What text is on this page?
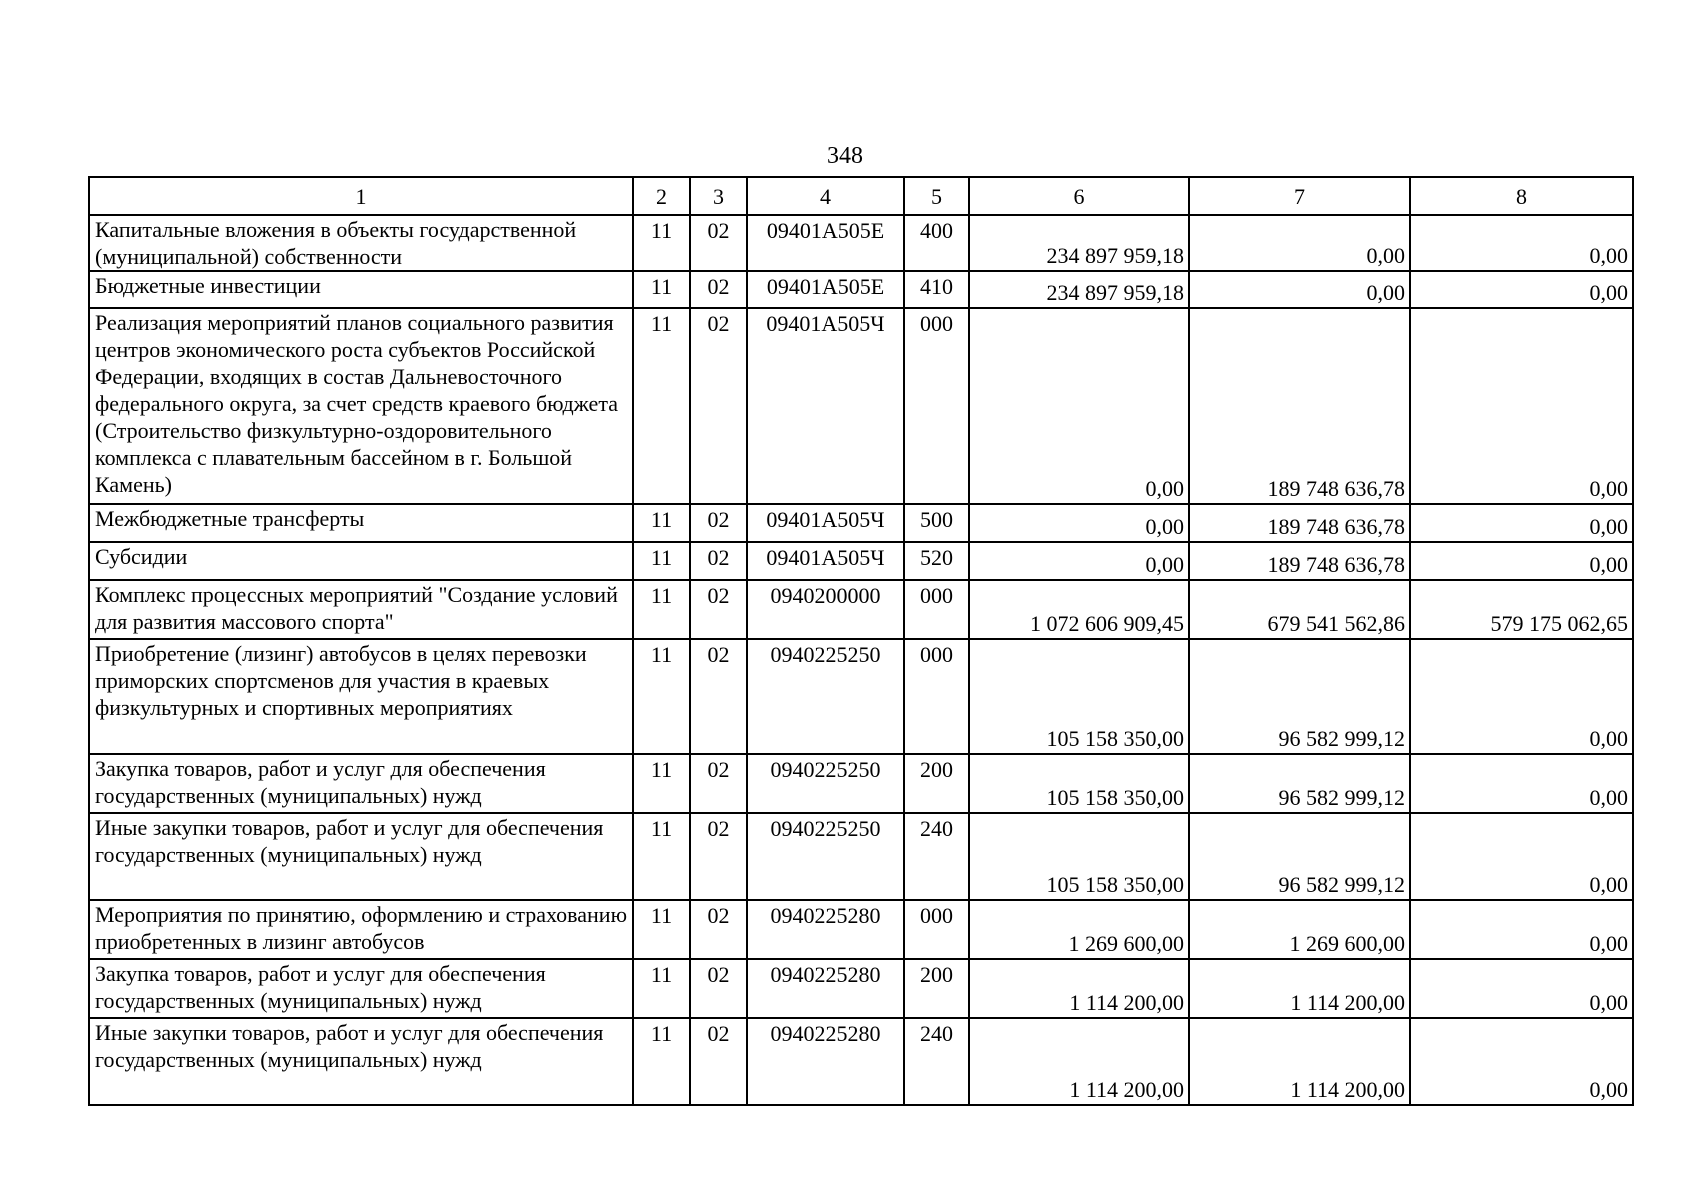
348
1	2	3	4	5	6	7	8
Капитальные вложения в объекты государственной (муниципальной) собственности	11	02	09401A505E	400	234 897 959,18	0,00	0,00
Бюджетные инвестиции	11	02	09401A505E	410	234 897 959,18	0,00	0,00
Реализация мероприятий планов социального развития центров экономического роста субъектов Российской Федерации, входящих в состав Дальневосточного федерального округа, за счет средств краевого бюджета (Строительство физкультурно-оздоровительного комплекса с плавательным бассейном в г. Большой Камень)	11	02	09401A505Ч	000	0,00	189 748 636,78	0,00
Межбюджетные трансферты	11	02	09401A505Ч	500	0,00	189 748 636,78	0,00
Субсидии	11	02	09401A505Ч	520	0,00	189 748 636,78	0,00
Комплекс процессных мероприятий "Создание условий для развития массового спорта"	11	02	0940200000	000	1 072 606 909,45	679 541 562,86	579 175 062,65
Приобретение (лизинг) автобусов в целях перевозки приморских спортсменов для участия в краевых физкультурных и спортивных мероприятиях	11	02	0940225250	000	105 158 350,00	96 582 999,12	0,00
Закупка товаров, работ и услуг для обеспечения государственных (муниципальных) нужд	11	02	0940225250	200	105 158 350,00	96 582 999,12	0,00
Иные закупки товаров, работ и услуг для обеспечения государственных (муниципальных) нужд	11	02	0940225250	240	105 158 350,00	96 582 999,12	0,00
Мероприятия по принятию, оформлению и страхованию приобретенных в лизинг автобусов	11	02	0940225280	000	1 269 600,00	1 269 600,00	0,00
Закупка товаров, работ и услуг для обеспечения государственных (муниципальных) нужд	11	02	0940225280	200	1 114 200,00	1 114 200,00	0,00
Иные закупки товаров, работ и услуг для обеспечения государственных (муниципальных) нужд	11	02	0940225280	240	1 114 200,00	1 114 200,00	0,00
